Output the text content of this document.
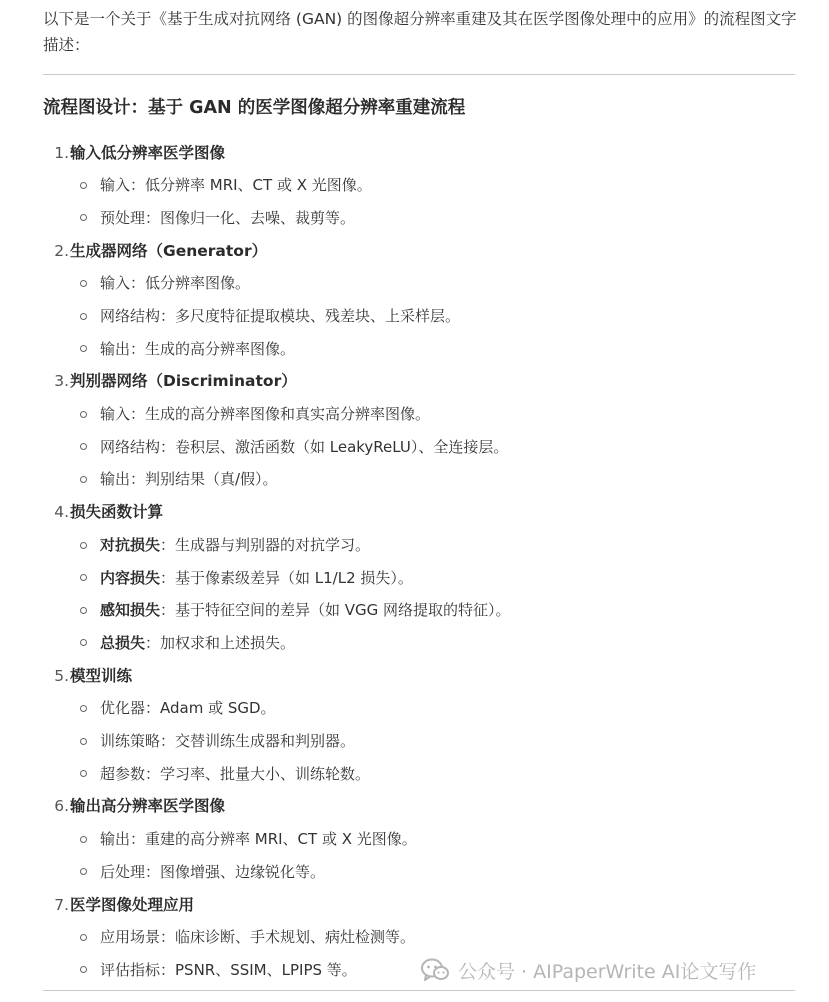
以下是一个关于《基于生成对抗网络 (GAN) 的图像超分辨率重建及其在医学图像处理中的应用》的流程图文字描述：

流程图设计：基于 GAN 的医学图像超分辨率重建流程
1. 输入低分辨率医学图像
输入：低分辨率 MRI、CT 或 X 光图像。
预处理：图像归一化、去噪、裁剪等。
2. 生成器网络（Generator）
输入：低分辨率图像。
网络结构：多尺度特征提取模块、残差块、上采样层。
输出：生成的高分辨率图像。
3. 判别器网络（Discriminator）
输入：生成的高分辨率图像和真实高分辨率图像。
网络结构：卷积层、激活函数（如 LeakyReLU）、全连接层。
输出：判别结果（真/假）。
4. 损失函数计算
对抗损失 ：生成器与判别器的对抗学习。
内容损失 ：基于像素级差异（如 L1/L2 损失）。
感知损失 ：基于特征空间的差异（如 VGG 网络提取的特征）。
总损失 ：加权求和上述损失。
5. 模型训练
优化器：Adam 或 SGD。
训练策略：交替训练生成器和判别器。
超参数：学习率、批量大小、训练轮数。
6. 输出高分辨率医学图像
输出：重建的高分辨率 MRI、CT 或 X 光图像。
后处理：图像增强、边缘锐化等。
7. 医学图像处理应用
应用场景：临床诊断、手术规划、病灶检测等。
评估指标：PSNR、SSIM、LPIPS 等。	公众号 · AIPaperWrite AI论文写作
